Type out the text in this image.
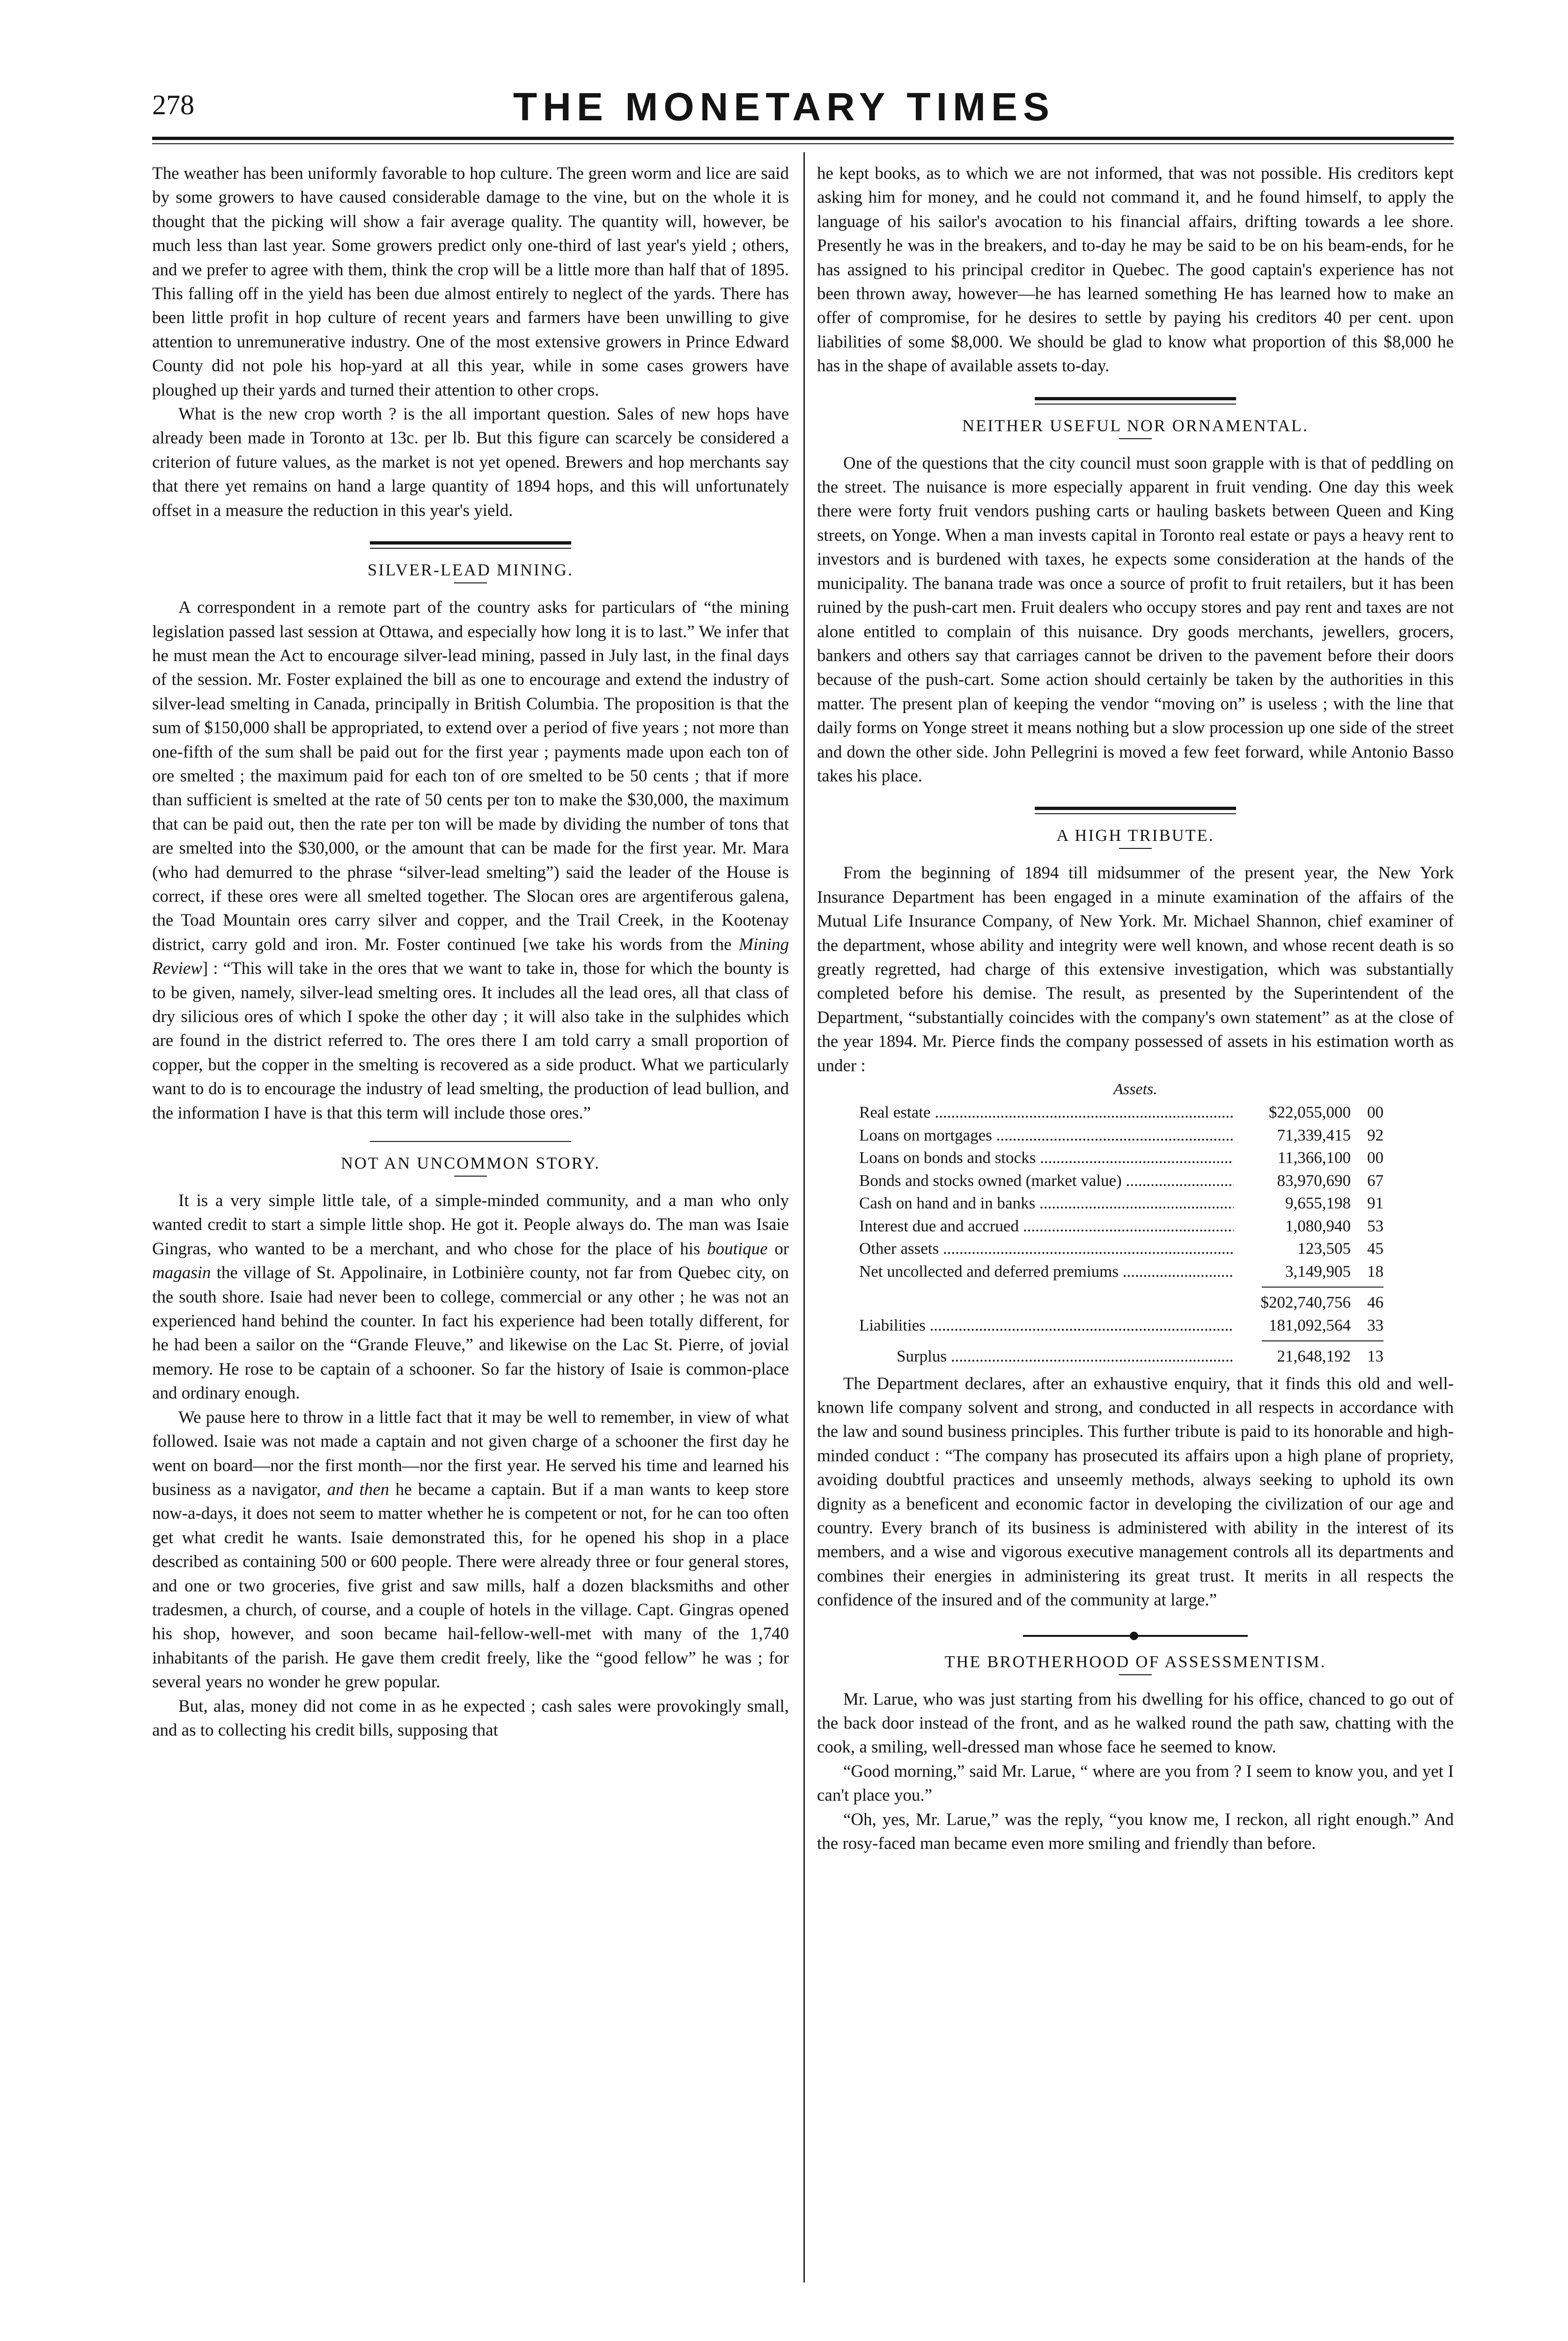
278	THE MONETARY TIMES

The weather has been uniformly favorable to hop culture. The green worm and lice are said by some growers to have caused considerable damage to the vine, but on the whole it is thought that the picking will show a fair average quality. The quantity will, however, be much less than last year. Some growers predict only one-third of last year's yield ; others, and we prefer to agree with them, think the crop will be a little more than half that of 1895. This falling off in the yield has been due almost entirely to neglect of the yards. There has been little profit in hop culture of recent years and farmers have been unwilling to give attention to unremunerative industry. One of the most extensive growers in Prince Edward County did not pole his hop-yard at all this year, while in some cases growers have ploughed up their yards and turned their attention to other crops.

What is the new crop worth ? is the all important question. Sales of new hops have already been made in Toronto at 13c. per lb. But this figure can scarcely be considered a criterion of future values, as the market is not yet opened. Brewers and hop merchants say that there yet remains on hand a large quantity of 1894 hops, and this will unfortunately offset in a measure the reduction in this year's yield.

SILVER-LEAD MINING.

A correspondent in a remote part of the country asks for particulars of “the mining legislation passed last session at Ottawa, and especially how long it is to last.” We infer that he must mean the Act to encourage silver-lead mining, passed in July last, in the final days of the session. Mr. Foster explained the bill as one to encourage and extend the industry of silver-lead smelting in Canada, principally in British Columbia. The proposition is that the sum of $150,000 shall be appropriated, to extend over a period of five years ; not more than one-fifth of the sum shall be paid out for the first year ; payments made upon each ton of ore smelted ; the maximum paid for each ton of ore smelted to be 50 cents ; that if more than sufficient is smelted at the rate of 50 cents per ton to make the $30,000, the maximum that can be paid out, then the rate per ton will be made by dividing the number of tons that are smelted into the $30,000, or the amount that can be made for the first year. Mr. Mara (who had demurred to the phrase “silver-lead smelting”) said the leader of the House is correct, if these ores were all smelted together. The Slocan ores are argentiferous galena, the Toad Mountain ores carry silver and copper, and the Trail Creek, in the Kootenay district, carry gold and iron. Mr. Foster continued [we take his words from the Mining Review] : “This will take in the ores that we want to take in, those for which the bounty is to be given, namely, silver-lead smelting ores. It includes all the lead ores, all that class of dry silicious ores of which I spoke the other day ; it will also take in the sulphides which are found in the district referred to. The ores there I am told carry a small proportion of copper, but the copper in the smelting is recovered as a side product. What we particularly want to do is to encourage the industry of lead smelting, the production of lead bullion, and the information I have is that this term will include those ores.”

NOT AN UNCOMMON STORY.

It is a very simple little tale, of a simple-minded community, and a man who only wanted credit to start a simple little shop. He got it. People always do. The man was Isaie Gingras, who wanted to be a merchant, and who chose for the place of his boutique or magasin the village of St. Appolinaire, in Lotbinière county, not far from Quebec city, on the south shore. Isaie had never been to college, commercial or any other ; he was not an experienced hand behind the counter. In fact his experience had been totally different, for he had been a sailor on the “Grande Fleuve,” and likewise on the Lac St. Pierre, of jovial memory. He rose to be captain of a schooner. So far the history of Isaie is common-place and ordinary enough.

We pause here to throw in a little fact that it may be well to remember, in view of what followed. Isaie was not made a captain and not given charge of a schooner the first day he went on board—nor the first month—nor the first year. He served his time and learned his business as a navigator, and then he became a captain. But if a man wants to keep store now-a-days, it does not seem to matter whether he is competent or not, for he can too often get what credit he wants. Isaie demonstrated this, for he opened his shop in a place described as containing 500 or 600 people. There were already three or four general stores, and one or two groceries, five grist and saw mills, half a dozen blacksmiths and other tradesmen, a church, of course, and a couple of hotels in the village. Capt. Gingras opened his shop, however, and soon became hail-fellow-well-met with many of the 1,740 inhabitants of the parish. He gave them credit freely, like the “good fellow” he was ; for several years no wonder he grew popular.

But, alas, money did not come in as he expected ; cash sales were provokingly small, and as to collecting his credit bills, supposing that

he kept books, as to which we are not informed, that was not possible. His creditors kept asking him for money, and he could not command it, and he found himself, to apply the language of his sailor's avocation to his financial affairs, drifting towards a lee shore. Presently he was in the breakers, and to-day he may be said to be on his beam-ends, for he has assigned to his principal creditor in Quebec. The good captain's experience has not been thrown away, however—he has learned something He has learned how to make an offer of compromise, for he desires to settle by paying his creditors 40 per cent. upon liabilities of some $8,000. We should be glad to know what proportion of this $8,000 he has in the shape of available assets to-day.

NEITHER USEFUL NOR ORNAMENTAL.

One of the questions that the city council must soon grapple with is that of peddling on the street. The nuisance is more especially apparent in fruit vending. One day this week there were forty fruit vendors pushing carts or hauling baskets between Queen and King streets, on Yonge. When a man invests capital in Toronto real estate or pays a heavy rent to investors and is burdened with taxes, he expects some consideration at the hands of the municipality. The banana trade was once a source of profit to fruit retailers, but it has been ruined by the push-cart men. Fruit dealers who occupy stores and pay rent and taxes are not alone entitled to complain of this nuisance. Dry goods merchants, jewellers, grocers, bankers and others say that carriages cannot be driven to the pavement before their doors because of the push-cart. Some action should certainly be taken by the authorities in this matter. The present plan of keeping the vendor “moving on” is useless ; with the line that daily forms on Yonge street it means nothing but a slow procession up one side of the street and down the other side. John Pellegrini is moved a few feet forward, while Antonio Basso takes his place.

A HIGH TRIBUTE.

From the beginning of 1894 till midsummer of the present year, the New York Insurance Department has been engaged in a minute examination of the affairs of the Mutual Life Insurance Company, of New York. Mr. Michael Shannon, chief examiner of the department, whose ability and integrity were well known, and whose recent death is so greatly regretted, had charge of this extensive investigation, which was substantially completed before his demise. The result, as presented by the Superintendent of the Department, “substantially coincides with the company's own statement” as at the close of the year 1894. Mr. Pierce finds the company possessed of assets in his estimation worth as under :

Assets.
Real estate .....	$22,055,000	00
Loans on mortgages .....	71,339,415	92
Loans on bonds and stocks .....	11,366,100	00
Bonds and stocks owned (market value) .....	83,970,690	67
Cash on hand and in banks .....	9,655,198	91
Interest due and accrued .....	1,080,940	53
Other assets .....	123,505	45
Net uncollected and deferred premiums .....	3,149,905	18
$202,740,756	46
Liabilities .....	181,092,564	33
Surplus .....	21,648,192	13

The Department declares, after an exhaustive enquiry, that it finds this old and well-known life company solvent and strong, and conducted in all respects in accordance with the law and sound business principles. This further tribute is paid to its honorable and high-minded conduct : “The company has prosecuted its affairs upon a high plane of propriety, avoiding doubtful practices and unseemly methods, always seeking to uphold its own dignity as a beneficent and economic factor in developing the civilization of our age and country. Every branch of its business is administered with ability in the interest of its members, and a wise and vigorous executive management controls all its departments and combines their energies in administering its great trust. It merits in all respects the confidence of the insured and of the community at large.”

THE BROTHERHOOD OF ASSESSMENTISM.

Mr. Larue, who was just starting from his dwelling for his office, chanced to go out of the back door instead of the front, and as he walked round the path saw, chatting with the cook, a smiling, well-dressed man whose face he seemed to know.

“Good morning,” said Mr. Larue, “ where are you from ? I seem to know you, and yet I can't place you.”

“Oh, yes, Mr. Larue,” was the reply, “you know me, I reckon, all right enough.” And the rosy-faced man became even more smiling and friendly than before.
